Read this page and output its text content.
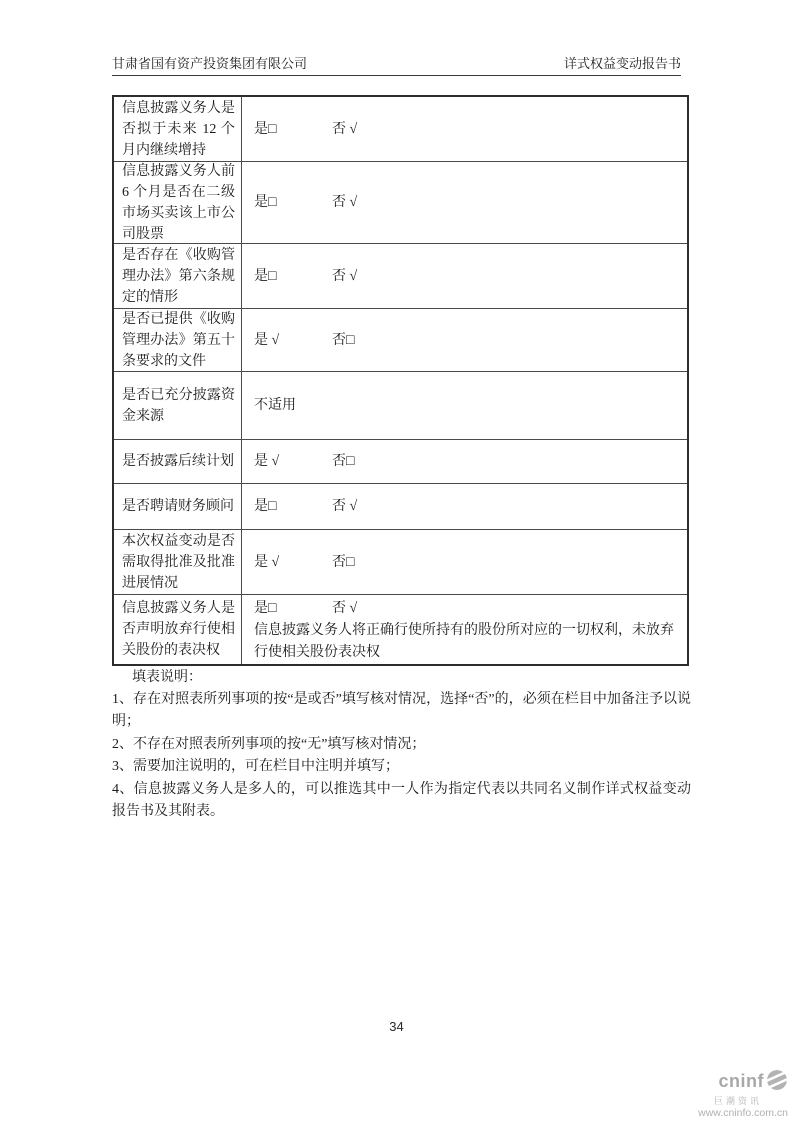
甘肃省国有资产投资集团有限公司	详式权益变动报告书
信息披露义务人是否拟于未来 12 个月内继续增持
是□	否 √
信息披露义务人前 6 个月是否在二级市场买卖该上市公司股票
是□	否 √
是否存在《收购管理办法》第六条规定的情形
是□	否 √
是否已提供《收购管理办法》第五十条要求的文件
是 √	否□
是否已充分披露资金来源
不适用
是否披露后续计划 是 √	否□
是否聘请财务顾问 是□	否 √
本次权益变动是否需取得批准及批准进展情况
是 √	否□
信息披露义务人是否声明放弃行使相关股份的表决权
是□	否 √
信息披露义务人将正确行使所持有的股份所对应的一切权利，未放弃行使相关股份表决权
填表说明：
1、存在对照表所列事项的按“是或否”填写核对情况，选择“否”的，必须在栏目中加备注予以说明；
2、不存在对照表所列事项的按“无”填写核对情况；
3、需要加注说明的，可在栏目中注明并填写；
4、信息披露义务人是多人的，可以推选其中一人作为指定代表以共同名义制作详式权益变动报告书及其附表。
34
cninf
巨潮资讯
www.cninfo.com.cn
